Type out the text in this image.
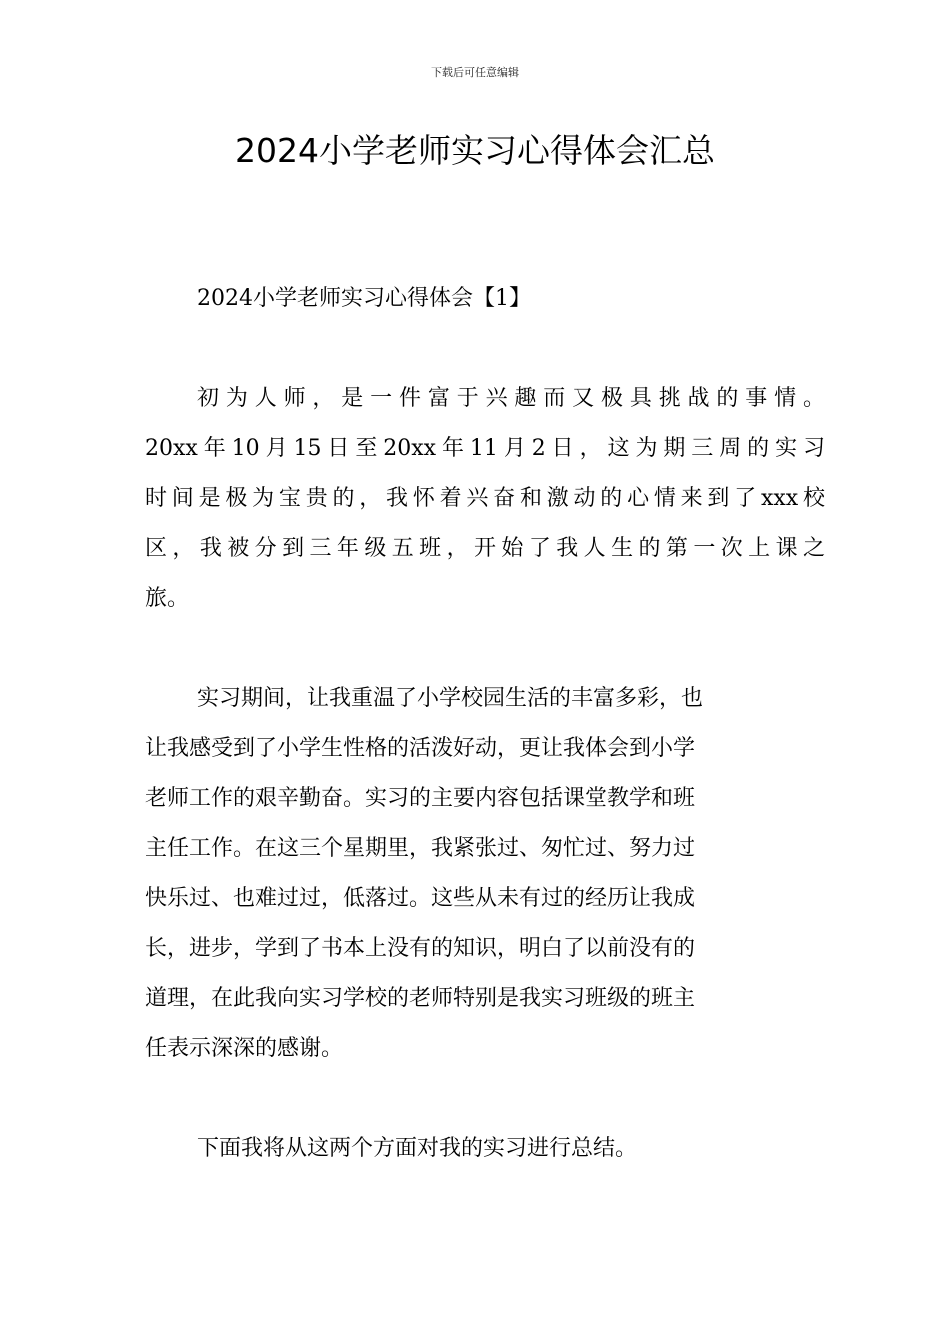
下载后可任意编辑
2024小学老师实习心得体会汇总
2024小学老师实习心得体会【1】
初为人师，是一件富于兴趣而又极具挑战的事情。
20xx年10月15日至20xx年11月2日，这为期三周的实习
时间是极为宝贵的，我怀着兴奋和激动的心情来到了xxx校
区，我被分到三年级五班，开始了我人生的第一次上课之
旅。
实习期间，让我重温了小学校园生活的丰富多彩，也
让我感受到了小学生性格的活泼好动，更让我体会到小学
老师工作的艰辛勤奋。实习的主要内容包括课堂教学和班
主任工作。在这三个星期里，我紧张过、匆忙过、努力过
快乐过、也难过过，低落过。这些从未有过的经历让我成
长，进步，学到了书本上没有的知识，明白了以前没有的
道理，在此我向实习学校的老师特别是我实习班级的班主
任表示深深的感谢。
下面我将从这两个方面对我的实习进行总结。
